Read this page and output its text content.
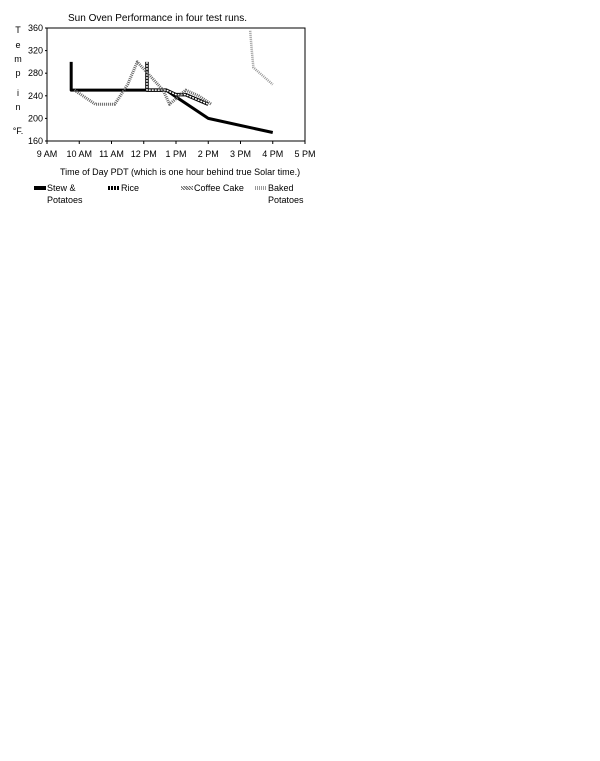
Sun Oven Performance in four test runs.
T
e
m
p
i
n
°F.
360
320
280
240
200
160
9 AM 10 AM 11 AM 12 PM 1 PM 2 PM 3 PM 4 PM 5 PM
Time of Day PDT (which is one hour behind true Solar time.)
Stew &
Potatoes
Rice	Coffee Cake	Baked
Potatoes
